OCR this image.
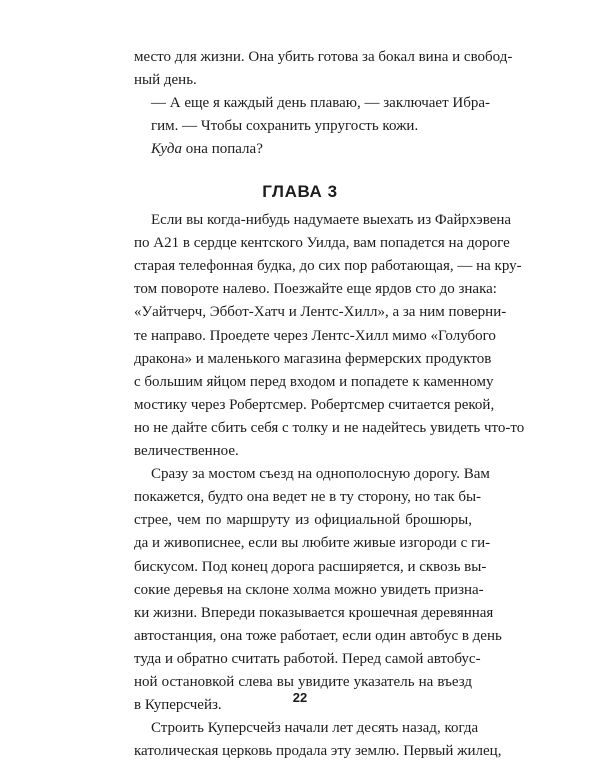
ГЛАВА 3
22
место для жизни. Она убить готова за бокал вина и свобод-
ный день.
— А еще я каждый день плаваю, — заключает Ибра-
гим. — Чтобы сохранить упругость кожи.
Куда она попала?
Если вы когда-нибудь надумаете выехать из Файрхэвена
по А21 в сердце кентского Уилда, вам попадется на дороге
старая телефонная будка, до сих пор работающая, — на кру-
том повороте налево. Поезжайте еще ярдов сто до знака:
«Уайтчерч, Эббот-Хатч и Лентс-Хилл», а за ним поверни-
те направо. Проедете через Лентс-Хилл мимо «Голубого
дракона» и маленького магазина фермерских продуктов
с большим яйцом перед входом и попадете к каменному
мостику через Робертсмер. Робертсмер считается рекой,
но не дайте сбить себя с толку и не надейтесь увидеть что-то
величественное.
Сразу за мостом съезд на однополосную дорогу. Вам
покажется, будто она ведет не в ту сторону, но так бы-
стрее, чем по маршруту из официальной брошюры,
да и живописнее, если вы любите живые изгороди с ги-
бискусом. Под конец дорога расширяется, и сквозь вы-
сокие деревья на склоне холма можно увидеть призна-
ки жизни. Впереди показывается крошечная деревянная
автостанция, она тоже работает, если один автобус в день
туда и обратно считать работой. Перед самой автобус-
ной остановкой слева вы увидите указатель на въезд
в Куперсчейз.
Строить Куперсчейз начали лет десять назад, когда
католическая церковь продала эту землю. Первый жилец,
